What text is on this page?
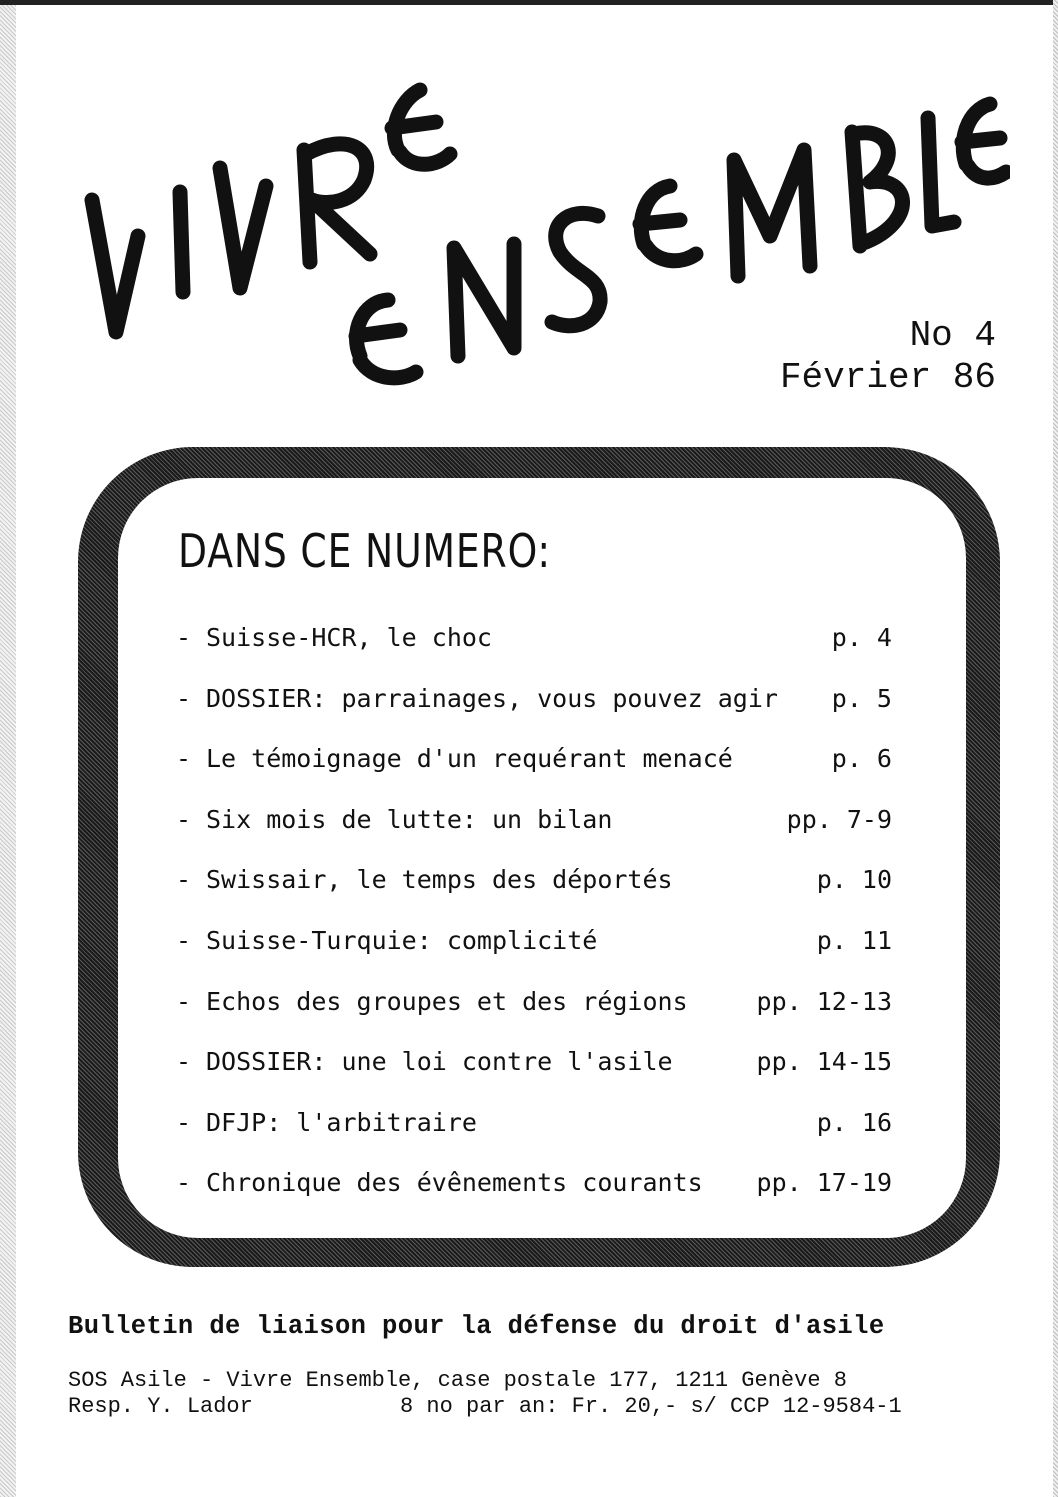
No 4
Février 86
DANS CE NUMERO:
- Suisse-HCR, le choc	p. 4
- DOSSIER: parrainages, vous pouvez agir p. 5
- Le témoignage d'un requérant menacé	p. 6
- Six mois de lutte: un bilan	pp. 7-9
- Swissair, le temps des déportés	p. 10
- Suisse-Turquie: complicité	p. 11
- Echos des groupes et des régions	pp. 12-13
- DOSSIER: une loi contre l'asile	pp. 14-15
- DFJP: l'arbitraire	p. 16
- Chronique des évênements courants pp. 17-19
Bulletin de liaison pour la défense du droit d'asile
SOS Asile - Vivre Ensemble, case postale 177, 1211 Genève 8
Resp. Y. Lador	8 no par an: Fr. 20,- s/ CCP 12-9584-1
